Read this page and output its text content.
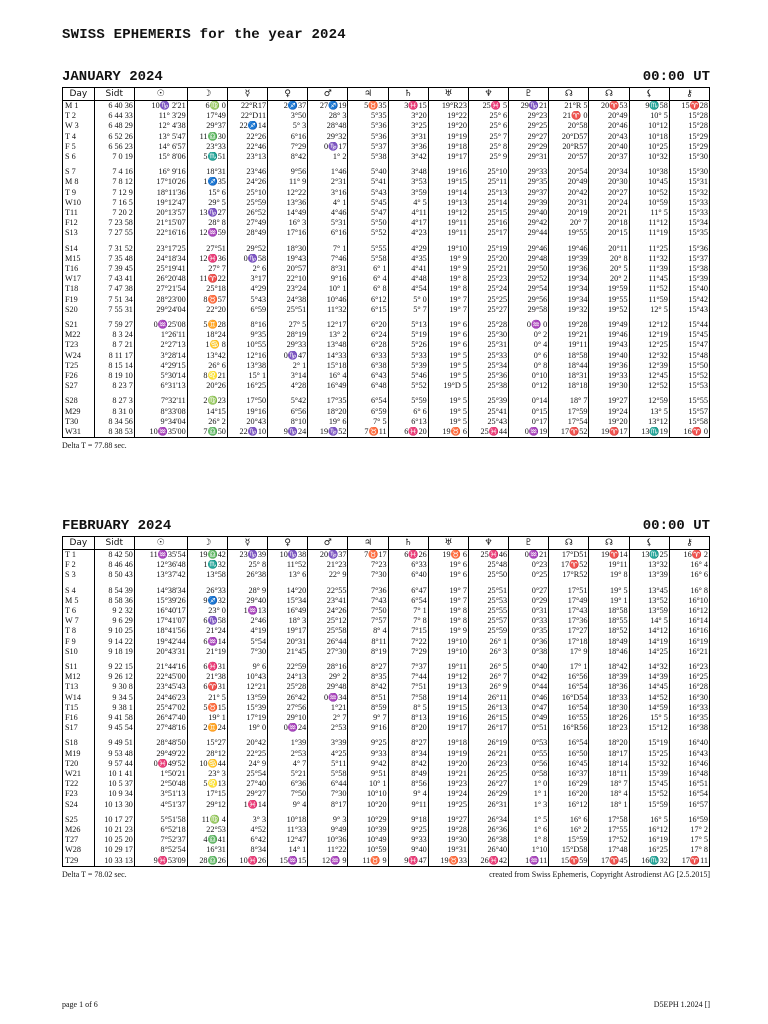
SWISS EPHEMERIS for the year 2024
JANUARY 2024	00:00 UT
Day	Sidt	☉	☽	☿	♀	♂	♃	♄	♅	♆	♇	☊	☊	⚸	⚷
M 1	6 40 36	10♑ 2'21	6♍ 0	22°R17	2♐37	27♐19	5♉35	3♓15	19°R23	25♓ 5	29♑21	21°R 5	20♈53	9♏58	15♈28
T 2	6 44 33	11° 3'29	17°49	22°D11	3°50	28° 3	5°35	3°20	19°22	25° 6	29°23	21♈ 0	20°49	10° 5	15°28
W 3	6 48 29	12° 4'38	29°37	22♐14	5° 3	28°48	5°36	3°25	19°20	25° 6	29°25	20°58	20°46	10°12	15°28
T 4	6 52 26	13° 5'47	11♎30	22°26	6°16	29°32	5°36	3°31	19°19	25° 7	29°27	20°D57	20°43	10°18	15°29
F 5	6 56 23	14° 6'57	23°33	22°46	7°29	0♑17	5°37	3°36	19°18	25° 8	29°29	20°R57	20°40	10°25	15°29
S 6	7 0 19	15° 8'06	5♏51	23°13	8°42	1° 2	5°38	3°42	19°17	25° 9	29°31	20°57	20°37	10°32	15°30
S 7	7 4 16	16° 9'16	18°31	23°46	9°56	1°46	5°40	3°48	19°16	25°10	29°33	20°54	20°34	10°38	15°30
M 8	7 8 12	17°10'26	1♐35	24°26	11° 9	2°31	5°41	3°53	19°15	25°11	29°35	20°49	20°30	10°45	15°31
T 9	7 12 9	18°11'36	15° 6	25°10	12°22	3°16	5°43	3°59	19°14	25°13	29°37	20°42	20°27	10°52	15°32
W10	7 16 5	19°12'47	29° 5	25°59	13°36	4° 1	5°45	4° 5	19°13	25°14	29°39	20°31	20°24	10°59	15°33
T11	7 20 2	20°13'57	13♑27	26°52	14°49	4°46	5°47	4°11	19°12	25°15	29°40	20°19	20°21	11° 5	15°33
F12	7 23 58	21°15'07	28° 8	27°49	16° 3	5°31	5°50	4°17	19°11	25°16	29°42	20° 7	20°18	11°12	15°34
S13	7 27 55	22°16'16	12♒59	28°49	17°16	6°16	5°52	4°23	19°11	25°17	29°44	19°55	20°15	11°19	15°35
S14	7 31 52	23°17'25	27°51	29°52	18°30	7° 1	5°55	4°29	19°10	25°19	29°46	19°46	20°11	11°25	15°36
M15	7 35 48	24°18'34	12♓36	0♑58	19°43	7°46	5°58	4°35	19° 9	25°20	29°48	19°39	20° 8	11°32	15°37
T16	7 39 45	25°19'41	27° 7	2° 6	20°57	8°31	6° 1	4°41	19° 9	25°21	29°50	19°36	20° 5	11°39	15°38
W17	7 43 41	26°20'48	11♈22	3°17	22°10	9°16	6° 4	4°48	19° 8	25°23	29°52	19°34	20° 2	11°45	15°39
T18	7 47 38	27°21'54	25°18	4°29	23°24	10° 1	6° 8	4°54	19° 8	25°24	29°54	19°34	19°59	11°52	15°40
F19	7 51 34	28°23'00	8♉57	5°43	24°38	10°46	6°12	5° 0	19° 7	25°25	29°56	19°34	19°55	11°59	15°42
S20	7 55 31	29°24'04	22°20	6°59	25°51	11°32	6°15	5° 7	19° 7	25°27	29°58	19°32	19°52	12° 5	15°43
S21	7 59 27	0♒25'08	5♊28	8°16	27° 5	12°17	6°20	5°13	19° 6	25°28	0♒ 0	19°28	19°49	12°12	15°44
M22	8 3 24	1°26'11	18°24	9°35	28°19	13° 2	6°24	5°19	19° 6	25°30	0° 2	19°21	19°46	12°19	15°45
T23	8 7 21	2°27'13	1♋ 8	10°55	29°33	13°48	6°28	5°26	19° 6	25°31	0° 4	19°11	19°43	12°25	15°47
W24	8 11 17	3°28'14	13°42	12°16	0♑47	14°33	6°33	5°33	19° 5	25°33	0° 6	18°58	19°40	12°32	15°48
T25	8 15 14	4°29'15	26° 6	13°38	2° 1	15°18	6°38	5°39	19° 5	25°34	0° 8	18°44	19°36	12°39	15°50
F26	8 19 10	5°30'14	8♌21	15° 1	3°14	16° 4	6°43	5°46	19° 5	25°36	0°10	18°31	19°33	12°45	15°52
S27	8 23 7	6°31'13	20°26	16°25	4°28	16°49	6°48	5°52	19°D 5	25°38	0°12	18°18	19°30	12°52	15°53
S28	8 27 3	7°32'11	2♍23	17°50	5°42	17°35	6°54	5°59	19° 5	25°39	0°14	18° 7	19°27	12°59	15°55
M29	8 31 0	8°33'08	14°15	19°16	6°56	18°20	6°59	6° 6	19° 5	25°41	0°15	17°59	19°24	13° 5	15°57
T30	8 34 56	9°34'04	26° 2	20°43	8°10	19° 6	7° 5	6°13	19° 5	25°43	0°17	17°54	19°20	13°12	15°58
W31	8 38 53	10♒35'00	7♎50	22♑10	9♑24	19♑52	7♉11	6♓20	19♉ 6	25♓44	0♒19	17♈52	19♈17	13♏19	16♈ 0
Delta T = 77.88 sec.
FEBRUARY 2024	00:00 UT
Day	Sidt	☉	☽	☿	♀	♂	♃	♄	♅	♆	♇	☊	☊	⚸	⚷
T 1	8 42 50	11♒35'54	19♎42	23♑39	10♑38	20♑37	7♉17	6♓26	19♉ 6	25♓46	0♒21	17°D51	19♈14	13♏25	16♈ 2
F 2	8 46 46	12°36'48	1♏32	25° 8	11°52	21°23	7°23	6°33	19° 6	25°48	0°23	17♈52	19°11	13°32	16° 4
S 3	8 50 43	13°37'42	13°58	26°38	13° 6	22° 9	7°30	6°40	19° 6	25°50	0°25	17°R52	19° 8	13°39	16° 6
S 4	8 54 39	14°38'34	26°33	28° 9	14°20	22°55	7°36	6°47	19° 7	25°51	0°27	17°51	19° 5	13°45	16° 8
M 5	8 58 36	15°39'26	9♐32	29°40	15°34	23°41	7°43	6°54	19° 7	25°53	0°29	17°49	19° 1	13°52	16°10
T 6	9 2 32	16°40'17	23° 0	1♒13	16°49	24°26	7°50	7° 1	19° 8	25°55	0°31	17°43	18°58	13°59	16°12
W 7	9 6 29	17°41'07	6♑58	2°46	18° 3	25°12	7°57	7° 8	19° 8	25°57	0°33	17°36	18°55	14° 5	16°14
T 8	9 10 25	18°41'56	21°24	4°19	19°17	25°58	8° 4	7°15	19° 9	25°59	0°35	17°27	18°52	14°12	16°16
F 9	9 14 22	19°42'44	6♒14	5°54	20°31	26°44	8°11	7°22	19°10	26° 1	0°36	17°18	18°49	14°19	16°19
S10	9 18 19	20°43'31	21°19	7°30	21°45	27°30	8°19	7°29	19°10	26° 3	0°38	17° 9	18°46	14°25	16°21
S11	9 22 15	21°44'16	6♓31	9° 6	22°59	28°16	8°27	7°37	19°11	26° 5	0°40	17° 1	18°42	14°32	16°23
M12	9 26 12	22°45'00	21°38	10°43	24°13	29° 2	8°35	7°44	19°12	26° 7	0°42	16°56	18°39	14°39	16°25
T13	9 30 8	23°45'43	6♈31	12°21	25°28	29°48	8°42	7°51	19°13	26° 9	0°44	16°54	18°36	14°45	16°28
W14	9 34 5	24°46'23	21° 5	13°59	26°42	0♒34	8°51	7°58	19°14	26°11	0°46	16°D54	18°33	14°52	16°30
T15	9 38 1	25°47'02	5♉15	15°39	27°56	1°21	8°59	8° 5	19°15	26°13	0°47	16°54	18°30	14°59	16°33
F16	9 41 58	26°47'40	19° 1	17°19	29°10	2° 7	9° 7	8°13	19°16	26°15	0°49	16°55	18°26	15° 5	16°35
S17	9 45 54	27°48'16	2♊24	19° 0	0♒24	2°53	9°16	8°20	19°17	26°17	0°51	16°R56	18°23	15°12	16°38
S18	9 49 51	28°48'50	15°27	20°42	1°39	3°39	9°25	8°27	19°18	26°19	0°53	16°54	18°20	15°19	16°40
M19	9 53 48	29°49'22	28°12	22°25	2°53	4°25	9°33	8°34	19°19	26°21	0°55	16°50	18°17	15°25	16°43
T20	9 57 44	0♓49'52	10♋44	24° 9	4° 7	5°11	9°42	8°42	19°20	26°23	0°56	16°45	18°14	15°32	16°46
W21	10 1 41	1°50'21	23° 3	25°54	5°21	5°58	9°51	8°49	19°21	26°25	0°58	16°37	18°11	15°39	16°48
T22	10 5 37	2°50'48	5♌13	27°40	6°36	6°44	10° 1	8°56	19°23	26°27	1° 0	16°29	18° 7	15°45	16°51
F23	10 9 34	3°51'13	17°15	29°27	7°50	7°30	10°10	9° 4	19°24	26°29	1° 1	16°20	18° 4	15°52	16°54
S24	10 13 30	4°51'37	29°12	1♓14	9° 4	8°17	10°20	9°11	19°25	26°31	1° 3	16°12	18° 1	15°59	16°57
S25	10 17 27	5°51'58	11♍ 4	3° 3	10°18	9° 3	10°29	9°18	19°27	26°34	1° 5	16° 6	17°58	16° 5	16°59
M26	10 21 23	6°52'18	22°53	4°52	11°33	9°49	10°39	9°25	19°28	26°36	1° 6	16° 2	17°55	16°12	17° 2
T27	10 25 20	7°52'37	4♎41	6°42	12°47	10°36	10°49	9°33	19°30	26°38	1° 8	15°59	17°52	16°19	17° 5
W28	10 29 17	8°52'54	16°31	8°34	14° 1	11°22	10°59	9°40	19°31	26°40	1°10	15°D58	17°48	16°25	17° 8
T29	10 33 13	9♓53'09	28♎26	10♓26	15♒15	12♒ 9	11♉ 9	9♓47	19♉33	26♓42	1♒11	15♈59	17♈45	16♏32	17♈11
Delta T = 78.02 sec.	created from Swiss Ephemeris, Copyright Astrodienst AG [2.5.2015]
page 1 of 6	D5EPH 1.2024 []
